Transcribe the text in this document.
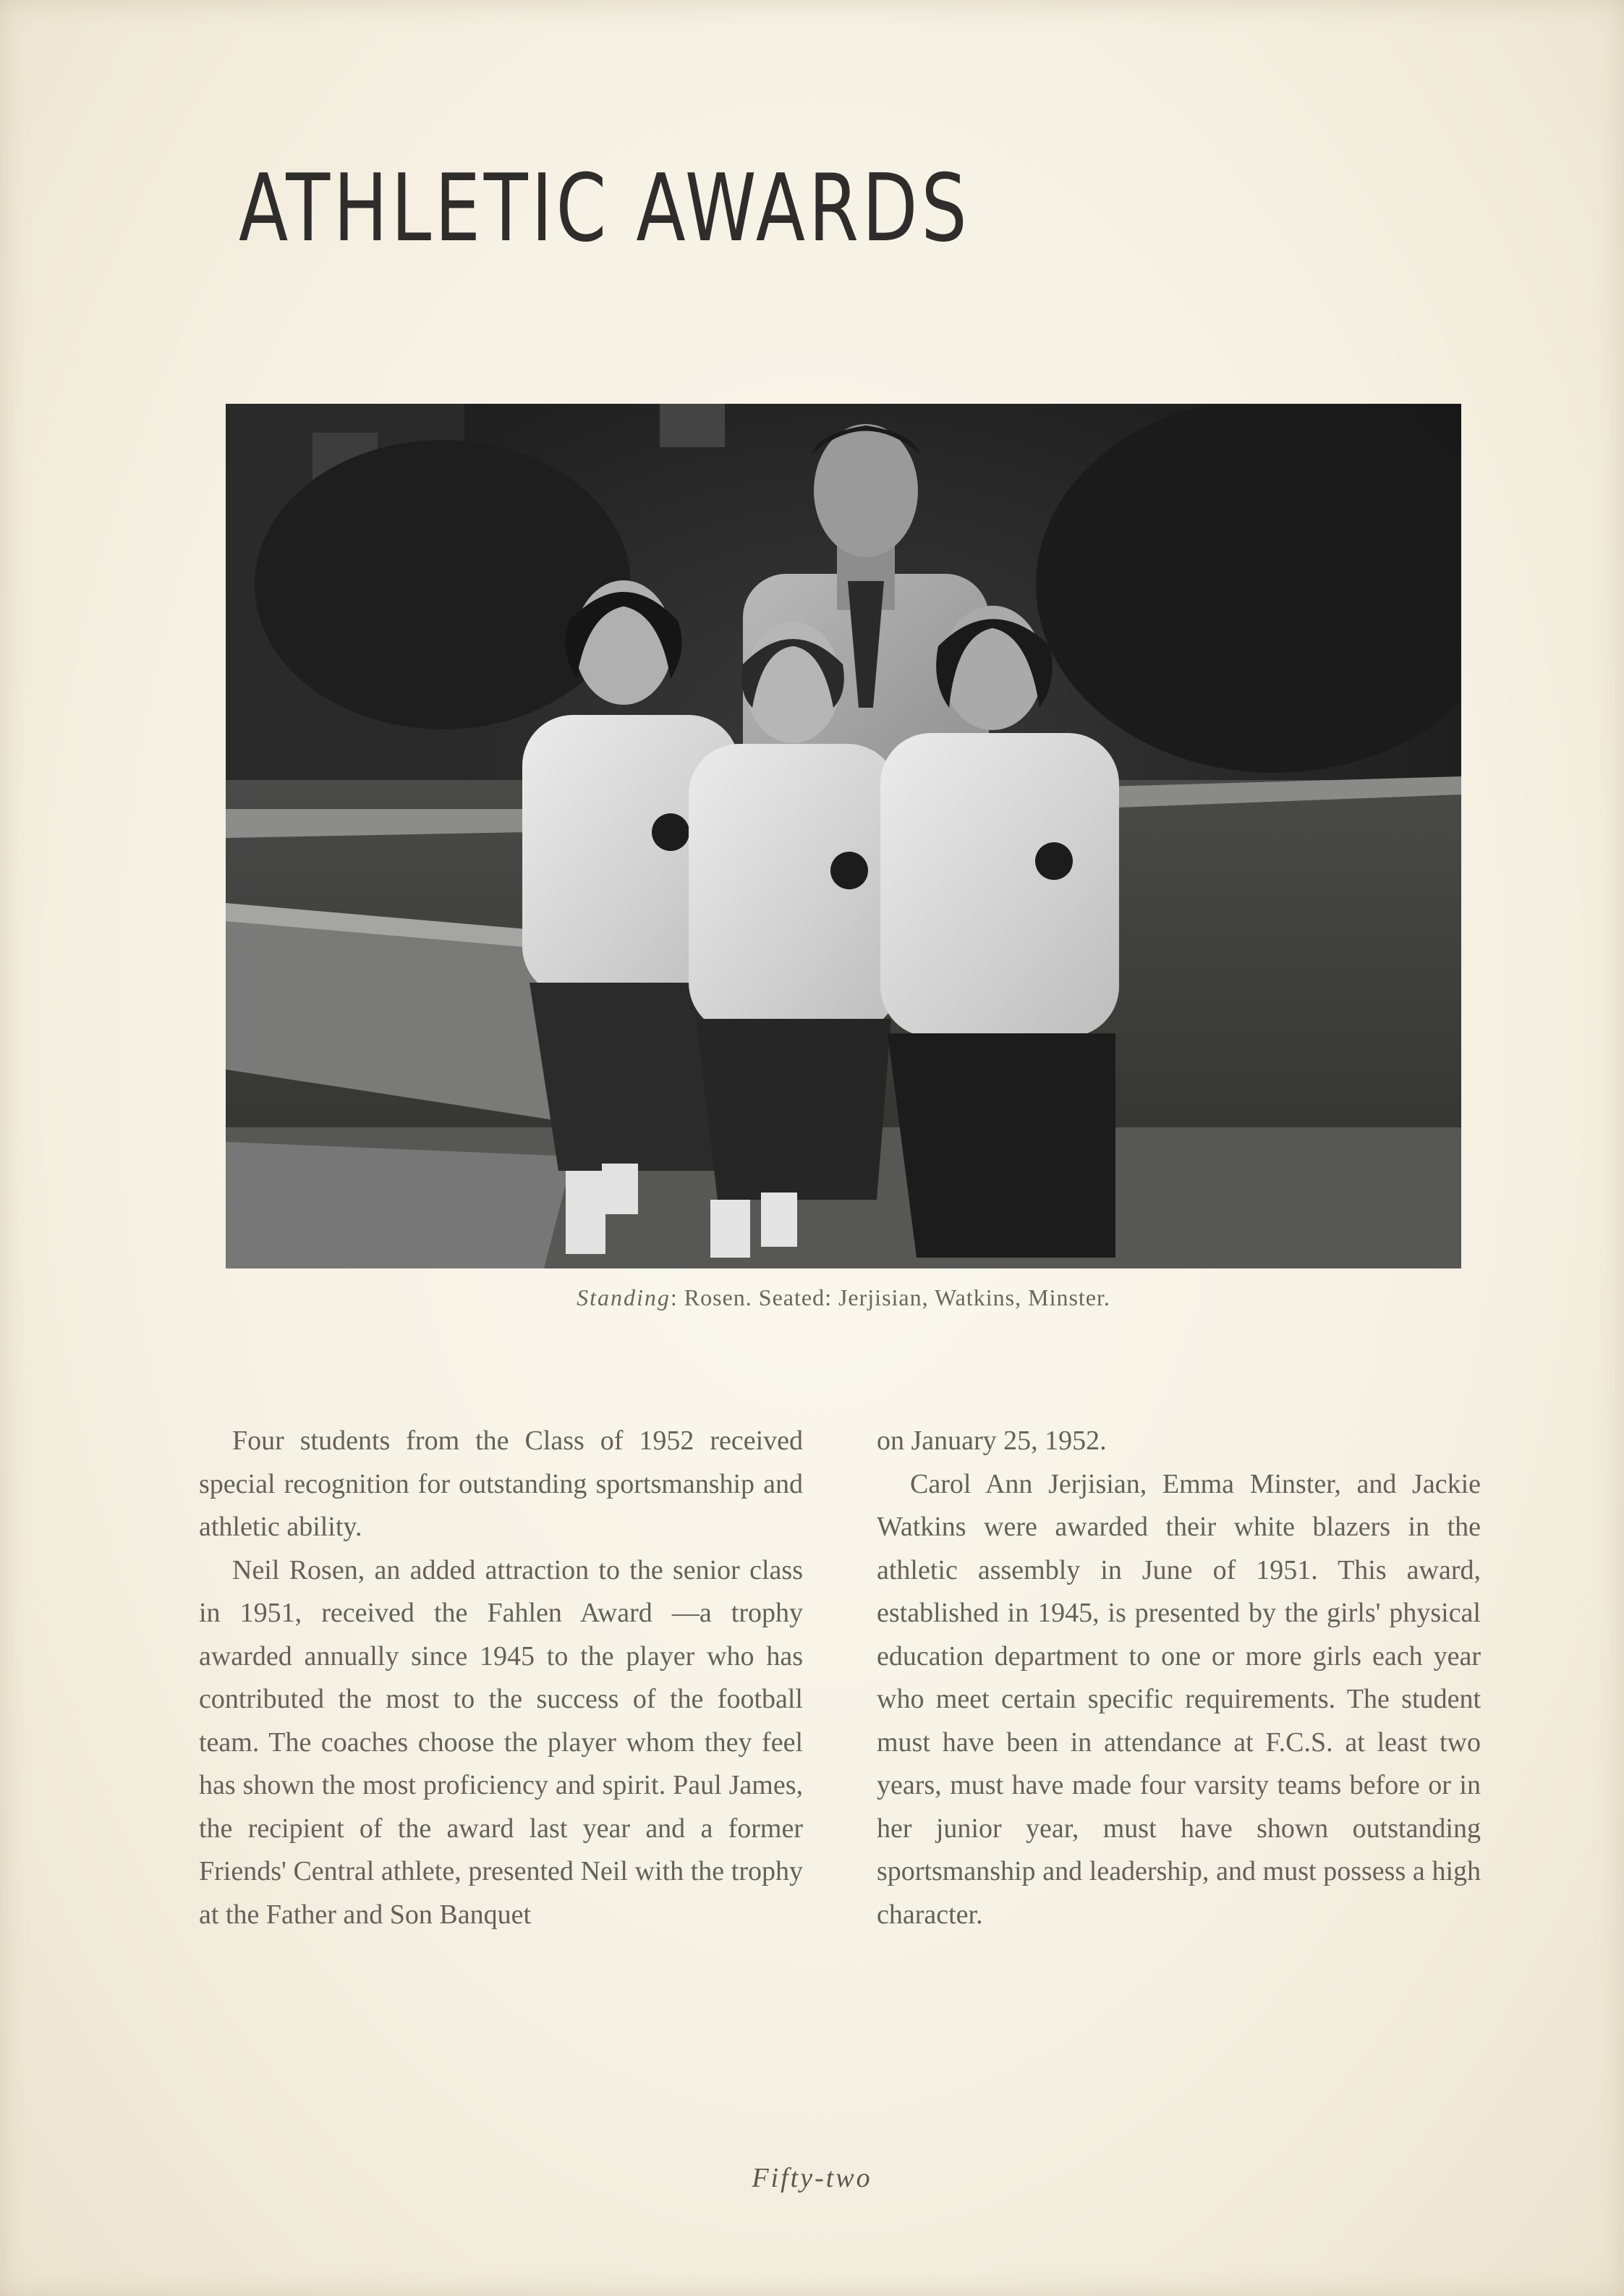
ATHLETIC AWARDS
Standing: Rosen. Seated: Jerjisian, Watkins, Minster.

Four students from the Class of 1952 received special recognition for outstanding sportsmanship and athletic ability.

Neil Rosen, an added attraction to the senior class in 1951, received the Fahlen Award —a trophy awarded annually since 1945 to the player who has contributed the most to the success of the football team. The coaches choose the player whom they feel has shown the most proficiency and spirit. Paul James, the recipient of the award last year and a former Friends' Central athlete, presented Neil with the trophy at the Father and Son Banquet

on January 25, 1952.

Carol Ann Jerjisian, Emma Minster, and Jackie Watkins were awarded their white blazers in the athletic assembly in June of 1951. This award, established in 1945, is presented by the girls' physical education department to one or more girls each year who meet certain specific requirements. The student must have been in attendance at F.C.S. at least two years, must have made four varsity teams before or in her junior year, must have shown outstanding sportsmanship and leadership, and must possess a high character.

Fifty-two
